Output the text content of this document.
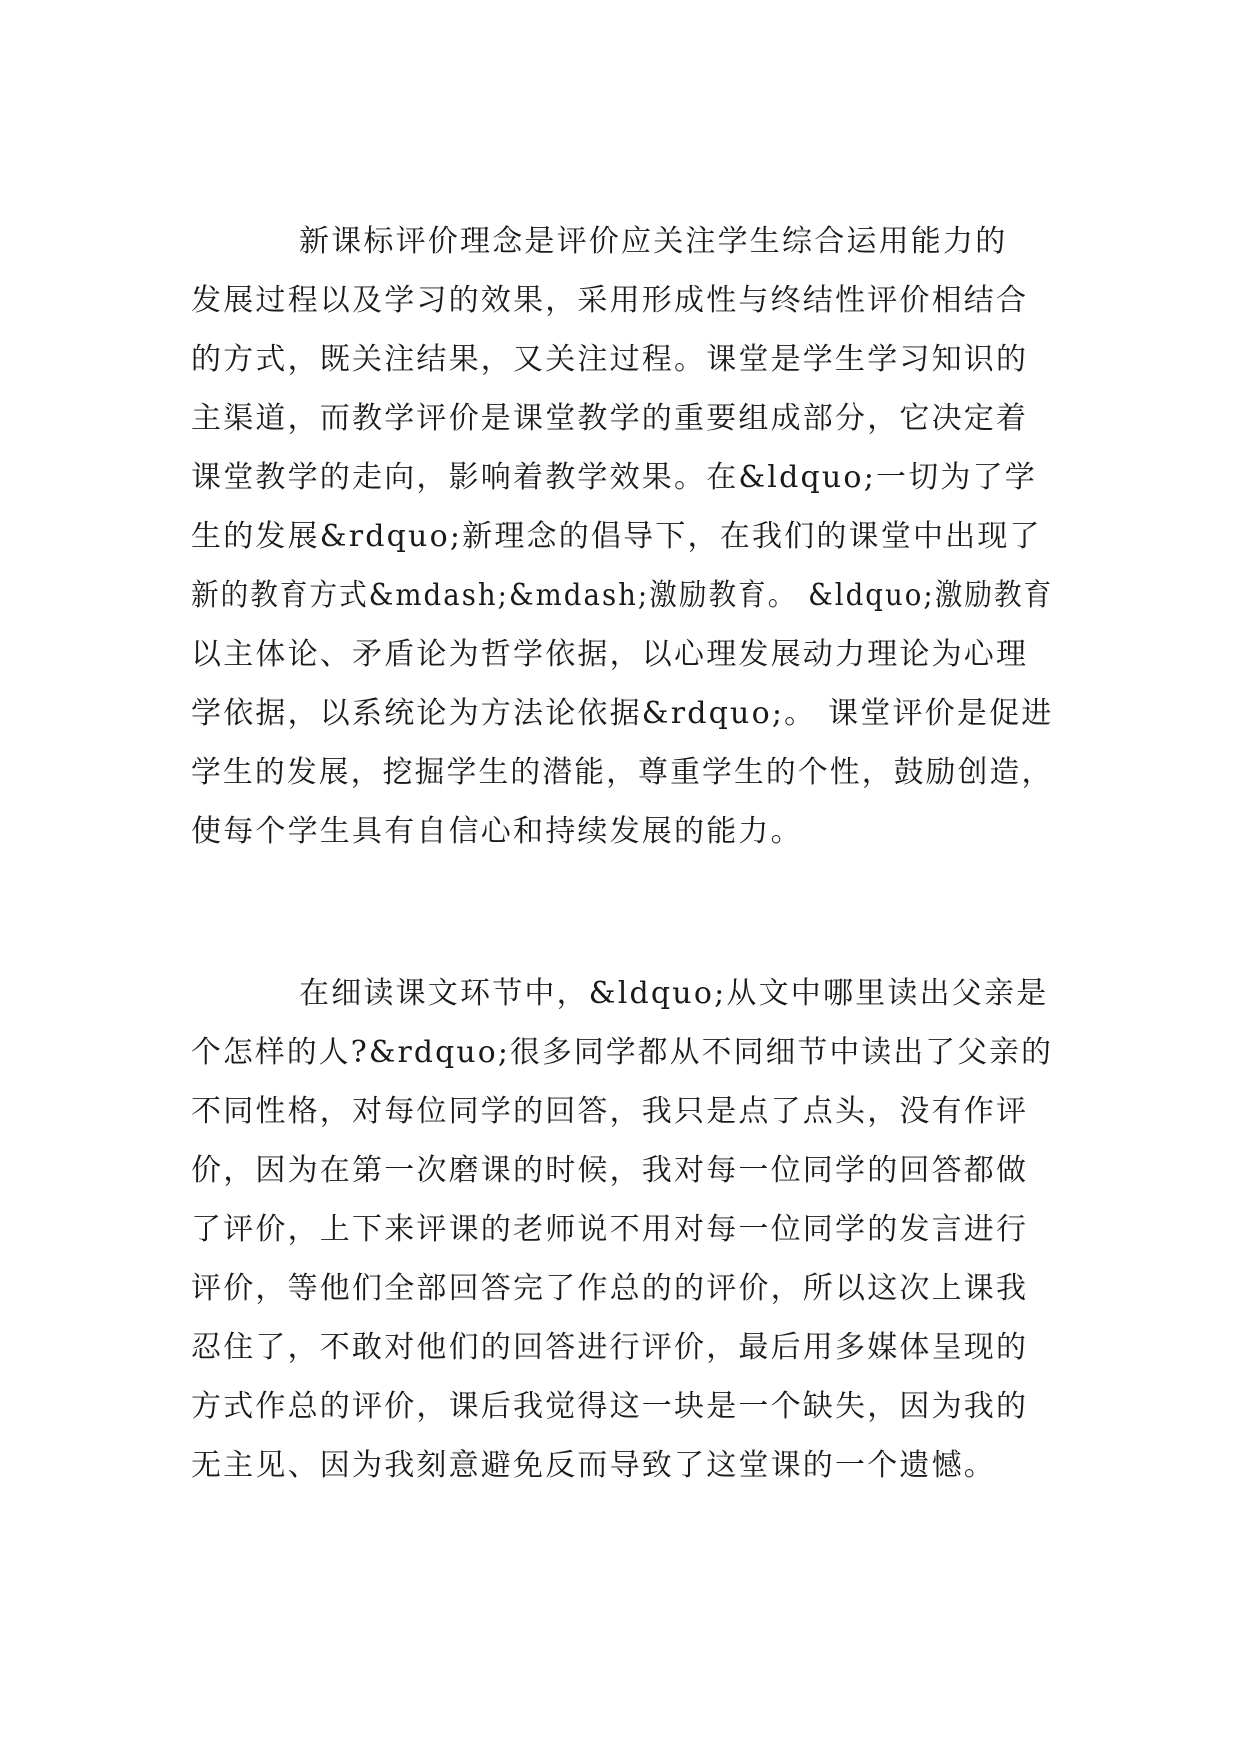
新课标评价理念是评价应关注学生综合运用能力的
发展过程以及学习的效果，采用形成性与终结性评价相结合
的方式，既关注结果，又关注过程。课堂是学生学习知识的
主渠道，而教学评价是课堂教学的重要组成部分，它决定着
课堂教学的走向，影响着教学效果。在&ldquo;一切为了学
生的发展&rdquo;新理念的倡导下，在我们的课堂中出现了
新的教育方式&mdash;&mdash;激励教育。 &ldquo;激励教育
以主体论、矛盾论为哲学依据，以心理发展动力理论为心理
学依据，以系统论为方法论依据&rdquo;。 课堂评价是促进
学生的发展，挖掘学生的潜能，尊重学生的个性，鼓励创造，
使每个学生具有自信心和持续发展的能力。
在细读课文环节中，&ldquo;从文中哪里读出父亲是
个怎样的人?&rdquo;很多同学都从不同细节中读出了父亲的
不同性格，对每位同学的回答，我只是点了点头，没有作评
价，因为在第一次磨课的时候，我对每一位同学的回答都做
了评价，上下来评课的老师说不用对每一位同学的发言进行
评价，等他们全部回答完了作总的的评价，所以这次上课我
忍住了，不敢对他们的回答进行评价，最后用多媒体呈现的
方式作总的评价，课后我觉得这一块是一个缺失，因为我的
无主见、因为我刻意避免反而导致了这堂课的一个遗憾。
